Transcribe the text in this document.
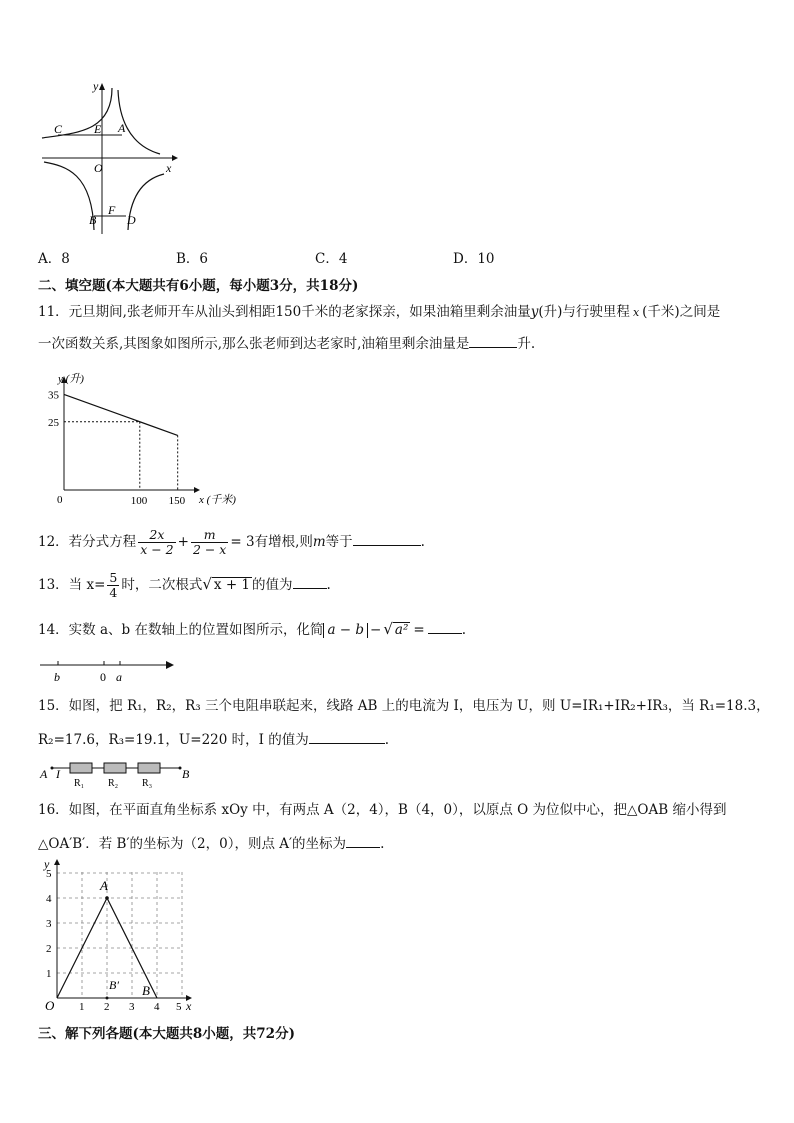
y
x
O
C	E A
B
F
D
A．8	B．6	C．4	D．10
二、填空题(本大题共有6小题，每小题3分，共18分)
11．元旦期间,张老师开车从汕头到相距150千米的老家探亲，如果油箱里剩余油量y(升)与行驶里程 x (千米)之间是
一次函数关系,其图象如图所示,那么张老师到达老家时,油箱里剩余油量是	升.
y (升)
x (千米)
0	100 150
35
25
12．若分式方程 $\frac{2x}{x - 2} + \frac{m}{2 - x} = 3$有增根,则m等于	.
13．当 $x= \frac{5}{4}$ 时，二次根式√ x + 1 的值为	.
14．实数 a、b 在数轴上的位置如图所示，化简 a − b − √ a² =	.
b	0 a
15．如图，把 R₁，R₂，R₃ 三个电阻串联起来，线路 AB 上的电流为 I，电压为 U，则 U=IR₁+IR₂+IR₃，当 R₁=18.3，
R₂=17.6，R₃=19.1，U=220 时，I 的值为	.
A I	B
R₁ R₂ R₃
16．如图，在平面直角坐标系 xOy 中，有两点 A（2，4），B（4，0），以原点 O 为位似中心，把△OAB 缩小得到
△OA′B′．若 B′的坐标为（2，0），则点 A′的坐标为	.
y
x
O
A
B
B′
1
2
3
4
5
1 2 3 4 5
三、解下列各题(本大题共8小题，共72分)
